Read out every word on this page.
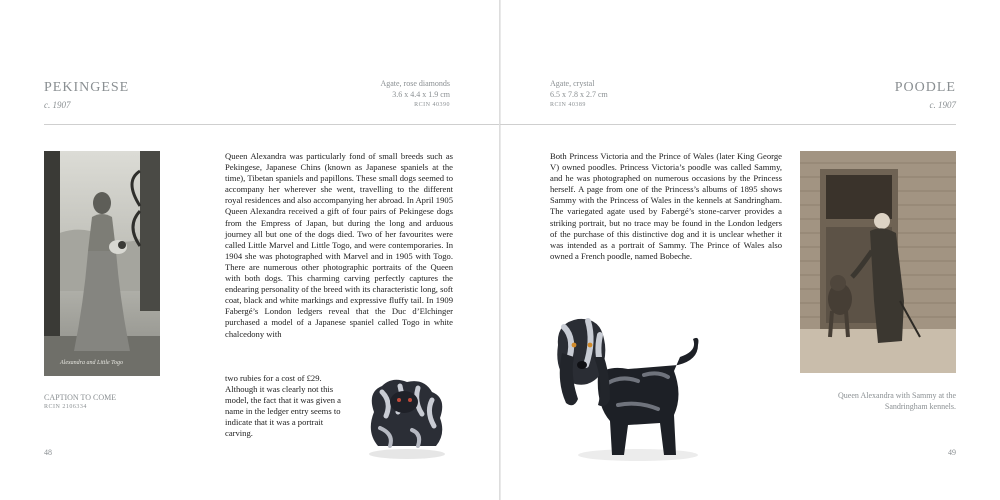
PEKINGESE
c. 1907
Agate, rose diamonds
3.6 x 4.4 x 1.9 cm
RCIN 40390
Alexandra and Little Togo
CAPTION TO COME
RCIN 2106334
Queen Alexandra was particularly fond of small breeds such as Pekingese, Japanese Chins (known as Japanese spaniels at the time), Tibetan spaniels and papillons. These small dogs seemed to accompany her wherever she went, travelling to the different royal residences and also accompanying her abroad. In April 1905 Queen Alexandra received a gift of four pairs of Pekingese dogs from the Empress of Japan, but during the long and arduous journey all but one of the dogs died. Two of her favourites were called Little Marvel and Little Togo, and were contemporaries. In 1904 she was photographed with Marvel and in 1905 with Togo. There are numerous other photographic portraits of the Queen with both dogs. This charming carving perfectly captures the endearing personality of the breed with its characteristic long, soft coat, black and white markings and expressive fluffy tail. In 1909 Fabergé’s London ledgers reveal that the Duc d’Elchinger purchased a model of a Japanese spaniel called Togo in white chalcedony with
two rubies for a cost of £29. Although it was clearly not this model, the fact that it was given a name in the ledger entry seems to indicate that it was a portrait carving.
48
Agate, crystal
6.5 x 7.8 x 2.7 cm
RCIN 40389
POODLE
c. 1907
Both Princess Victoria and the Prince of Wales (later King George V) owned poodles. Princess Victoria’s poodle was called Sammy, and he was photographed on numerous occasions by the Princess herself. A page from one of the Princess’s albums of 1895 shows Sammy with the Princess of Wales in the kennels at Sandringham. The variegated agate used by Fabergé’s stone-carver provides a striking portrait, but no trace may be found in the London ledgers of the purchase of this distinctive dog and it is unclear whether it was intended as a portrait of Sammy. The Prince of Wales also owned a French poodle, named Bobeche.
Queen Alexandra with Sammy at the Sandringham kennels.
49
